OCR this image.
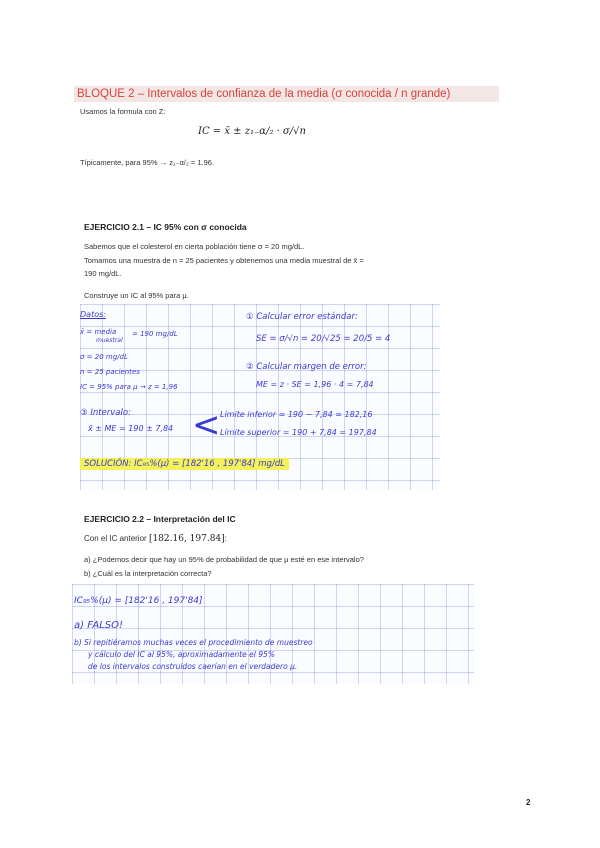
BLOQUE 2 – Intervalos de confianza de la media (σ conocida / n grande)
Usamos la formula con Z:
IC = x̄ ± z₁₋α/₂ · σ/√n
Típicamente, para 95% → z₁₋α/₂ = 1.96.
EJERCICIO 2.1 – IC 95% con σ conocida
Sabemos que el colesterol en cierta población tiene σ = 20 mg/dL.
Tomamos una muestra de n = 25 pacientes y obtenemos una media muestral de x̄ =
190 mg/dL.
Construye un IC al 95% para μ.
Datos:
x̄ = media
muestral
= 190 mg/dL
σ = 20 mg/dL
n = 25 pacientes
IC = 95% para μ → z = 1,96
① Calcular error estándar:
SE = σ/√n = 20/√25 = 20/5 = 4
② Calcular margen de error:
ME = z · SE = 1,96 · 4 = 7,84
③ Intervalo:
x̄ ± ME = 190 ± 7,84 < Límite inferior = 190 − 7,84 = 182,16
Límite superior = 190 + 7,84 = 197,84
SOLUCIÓN: IC₉₅%(μ) = [182'16 , 197'84] mg/dL
EJERCICIO 2.2 – Interpretación del IC
Con el IC anterior [182.16, 197.84]:
a) ¿Podemos decir que hay un 95% de probabilidad de que μ esté en ese intervalo?
b) ¿Cuál es la interpretación correcta?
IC₉₅%(μ) = [182'16 , 197'84]
a) FALSO!
b) Si repitiéramos muchas veces el procedimiento de muestreo
y cálculo del IC al 95%, aproximadamente el 95%
de los intervalos construidos caerían en el verdadero μ.
2
